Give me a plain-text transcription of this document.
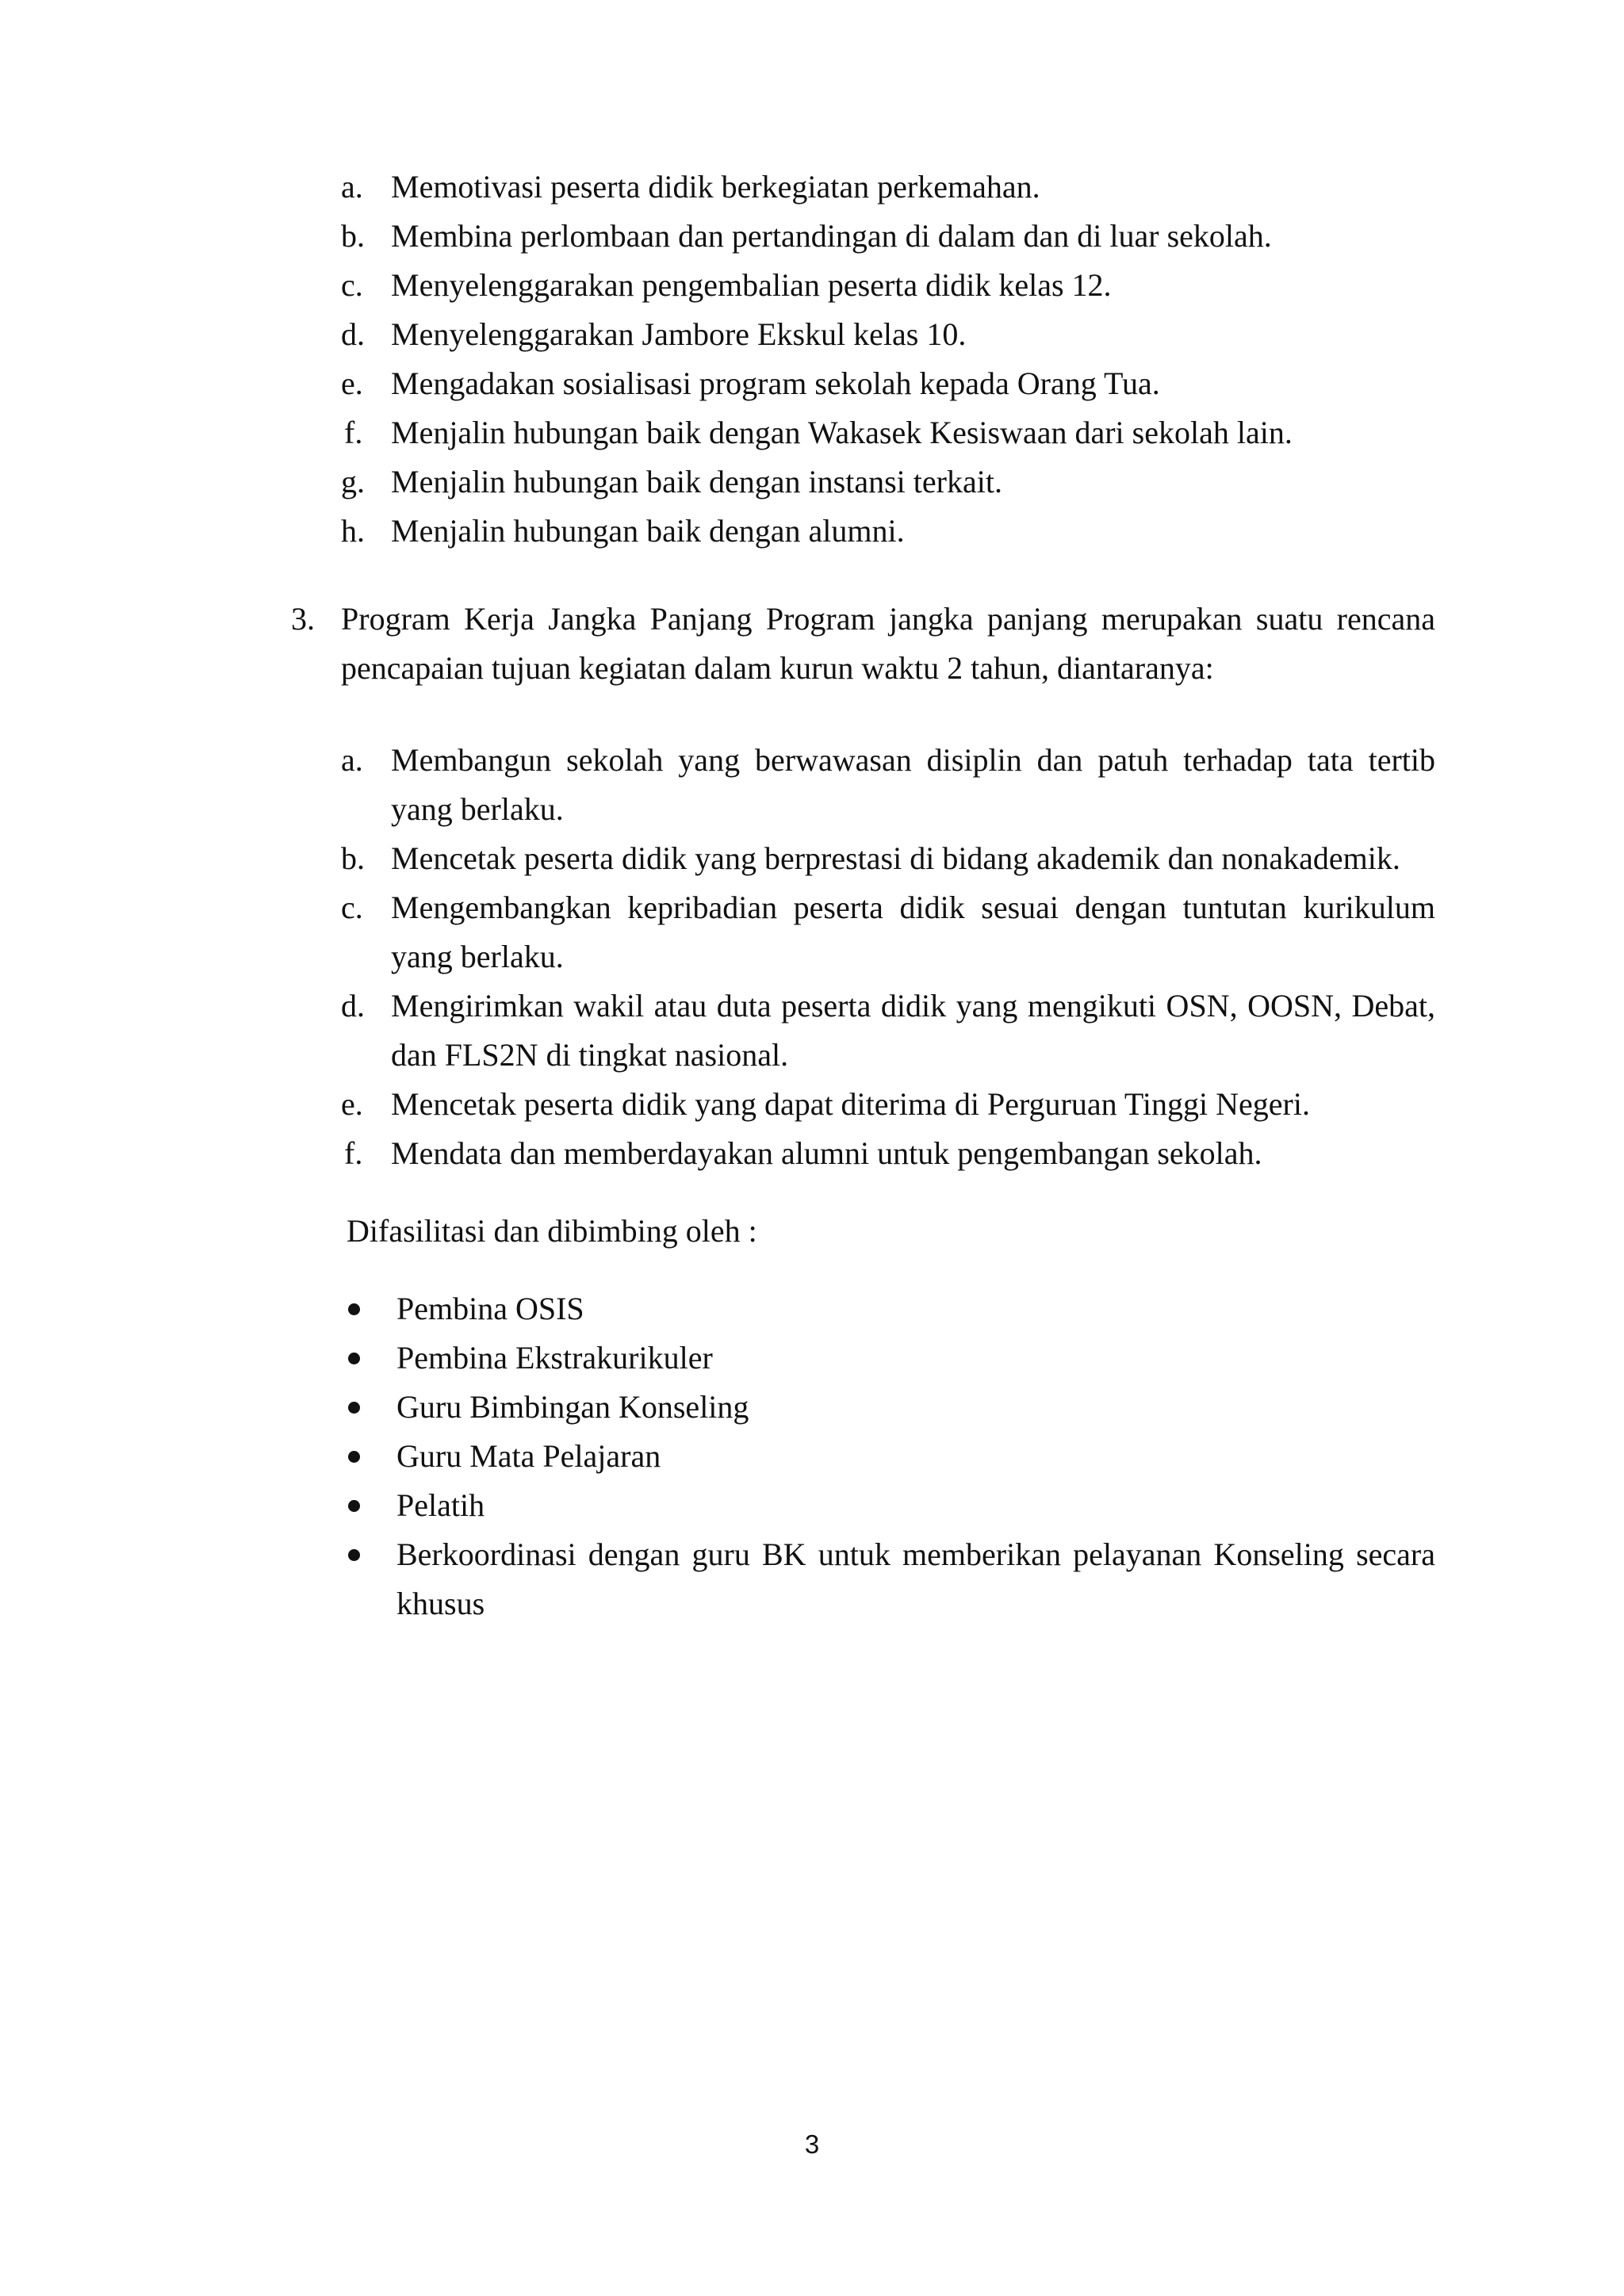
a. Memotivasi peserta didik berkegiatan perkemahan.
b. Membina perlombaan dan pertandingan di dalam dan di luar sekolah.
c. Menyelenggarakan pengembalian peserta didik kelas 12.
d. Menyelenggarakan Jambore Ekskul kelas 10.
e. Mengadakan sosialisasi program sekolah kepada Orang Tua.
f. Menjalin hubungan baik dengan Wakasek Kesiswaan dari sekolah lain.
g. Menjalin hubungan baik dengan instansi terkait.
h. Menjalin hubungan baik dengan alumni.
3. Program Kerja Jangka Panjang Program jangka panjang merupakan suatu rencana
pencapaian tujuan kegiatan dalam kurun waktu 2 tahun, diantaranya:
a. Membangun sekolah yang berwawasan disiplin dan patuh terhadap tata tertib
yang berlaku.
b. Mencetak peserta didik yang berprestasi di bidang akademik dan nonakademik.
c. Mengembangkan kepribadian peserta didik sesuai dengan tuntutan kurikulum
yang berlaku.
d. Mengirimkan wakil atau duta peserta didik yang mengikuti OSN, OOSN, Debat,
dan FLS2N di tingkat nasional.
e. Mencetak peserta didik yang dapat diterima di Perguruan Tinggi Negeri.
f. Mendata dan memberdayakan alumni untuk pengembangan sekolah.
Difasilitasi dan dibimbing oleh :
Pembina OSIS
Pembina Ekstrakurikuler
Guru Bimbingan Konseling
Guru Mata Pelajaran
Pelatih
Berkoordinasi dengan guru BK untuk memberikan pelayanan Konseling secara
khusus
3
